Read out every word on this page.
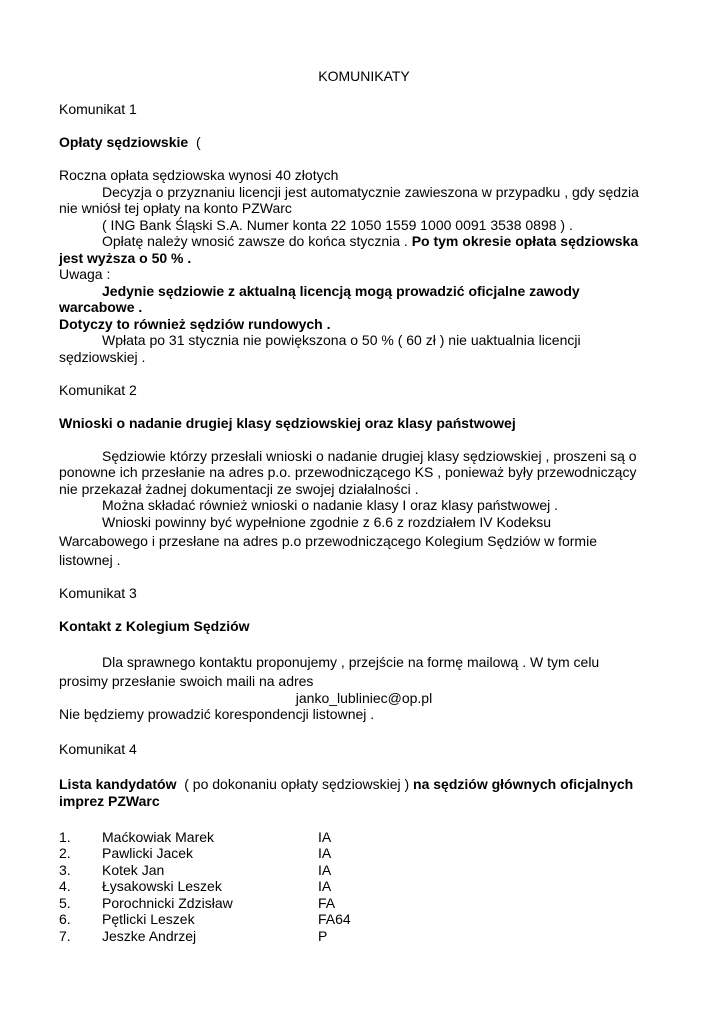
KOMUNIKATY
Komunikat 1
Opłaty sędziowskie  (
Roczna opłata sędziowska wynosi 40 złotych
Decyzja o przyznaniu licencji jest automatycznie zawieszona w przypadku , gdy sędzia
nie wniósł tej opłaty na konto PZWarc
( ING Bank Śląski S.A. Numer konta 22 1050 1559 1000 0091 3538 0898 ) .
Opłatę należy wnosić zawsze do końca stycznia . Po tym okresie opłata sędziowska
jest wyższa o 50 % .
Uwaga :
Jedynie sędziowie z aktualną licencją mogą prowadzić oficjalne zawody
warcabowe .
Dotyczy to również sędziów rundowych .
Wpłata po 31 stycznia nie powiększona o 50 % ( 60 zł ) nie uaktualnia licencji
sędziowskiej .
Komunikat 2
Wnioski o nadanie drugiej klasy sędziowskiej oraz klasy państwowej
Sędziowie którzy przesłali wnioski o nadanie drugiej klasy sędziowskiej , proszeni są o
ponowne ich przesłanie na adres p.o. przewodniczącego KS , ponieważ były przewodniczący
nie przekazał żadnej dokumentacji ze swojej działalności .
Można składać również wnioski o nadanie klasy I oraz klasy państwowej .
Wnioski powinny być wypełnione zgodnie z 6.6 z rozdziałem IV Kodeksu
Warcabowego i przesłane na adres p.o przewodniczącego Kolegium Sędziów w formie
listownej .
Komunikat 3
Kontakt z Kolegium Sędziów
Dla sprawnego kontaktu proponujemy , przejście na formę mailową . W tym celu
prosimy przesłanie swoich maili na adres
janko_lubliniec@op.pl
Nie będziemy prowadzić korespondencji listownej .
Komunikat 4
Lista kandydatów  ( po dokonaniu opłaty sędziowskiej ) na sędziów głównych oficjalnych
imprez PZWarc
1.	Maćkowiak Marek	IA
2.	Pawlicki Jacek	IA
3.	Kotek Jan	IA
4.	Łysakowski Leszek	IA
5.	Porochnicki Zdzisław	FA
6.	Pętlicki Leszek	FA64
7.	Jeszke Andrzej	P
